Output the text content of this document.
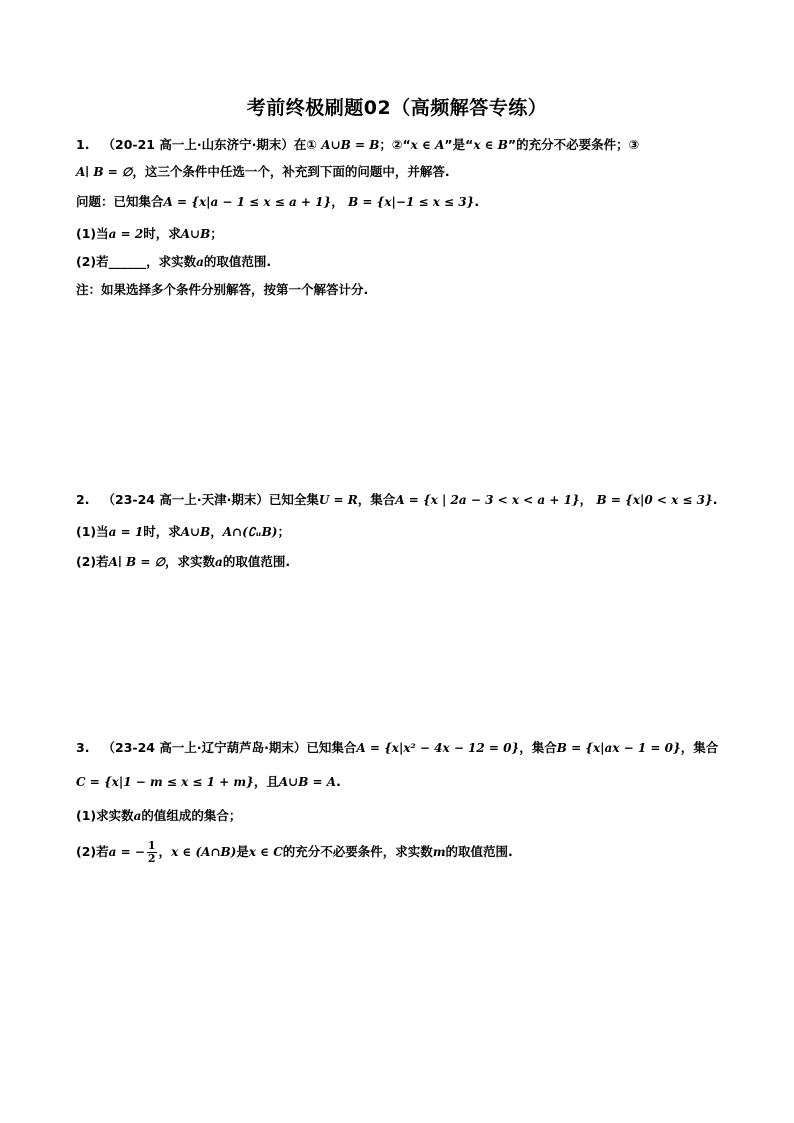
考前终极刷题02（高频解答专练）
1. （20-21 高一上·山东济宁·期末）在① A∪B = B；②“x ∈ A”是“x ∈ B”的充分不必要条件；③
A∣ B = ∅，这三个条件中任选一个，补充到下面的问题中，并解答.
问题：已知集合A = {x|a − 1 ≤ x ≤ a + 1}， B = {x|−1 ≤ x ≤ 3}.
(1)当a = 2时，求A∪B；
(2)若______，求实数a的取值范围.
注：如果选择多个条件分别解答，按第一个解答计分.
2. （23-24 高一上·天津·期末）已知全集U = R，集合A = {x | 2a − 3 < x < a + 1}， B = {x|0 < x ≤ 3}.
(1)当a = 1时，求A∪B，A∩(∁ᵤB)；
(2)若A∣ B = ∅，求实数a的取值范围.
3. （23-24 高一上·辽宁葫芦岛·期末）已知集合A = {x|x² − 4x − 12 = 0}，集合B = {x|ax − 1 = 0}，集合
C = {x|1 − m ≤ x ≤ 1 + m}，且A∪B = A.
(1)求实数a的值组成的集合；
(2)若a = − $\frac{1}{2}$ ，x ∈ (A∩B)是x ∈ C的充分不必要条件，求实数m的取值范围.
